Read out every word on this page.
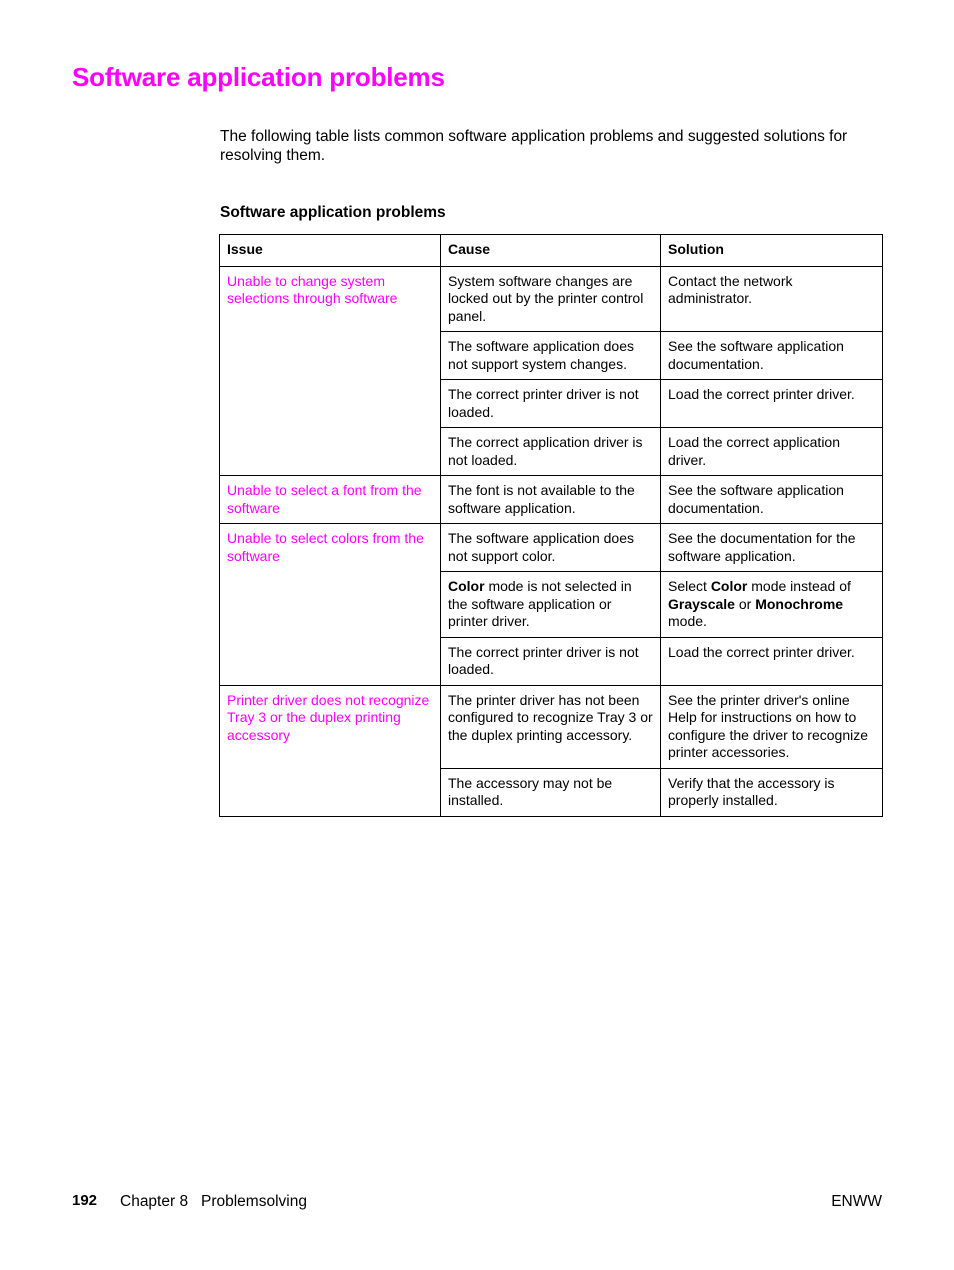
Software application problems

The following table lists common software application problems and suggested solutions for resolving them.

Software application problems

Issue	Cause	Solution
Unable to change system selections through software	System software changes are locked out by the printer control panel.	Contact the network administrator.
	The software application does not support system changes.	See the software application documentation.
	The correct printer driver is not loaded.	Load the correct printer driver.
	The correct application driver is not loaded.	Load the correct application driver.
Unable to select a font from the software	The font is not available to the software application.	See the software application documentation.
Unable to select colors from the software	The software application does not support color.	See the documentation for the software application.
	Color mode is not selected in the software application or printer driver.	Select Color mode instead of Grayscale or Monochrome mode.
	The correct printer driver is not loaded.	Load the correct printer driver.
Printer driver does not recognize Tray 3 or the duplex printing accessory	The printer driver has not been configured to recognize Tray 3 or the duplex printing accessory.	See the printer driver's online Help for instructions on how to configure the driver to recognize printer accessories.
	The accessory may not be installed.	Verify that the accessory is properly installed.
192 Chapter 8   Problemsolving	ENWW
